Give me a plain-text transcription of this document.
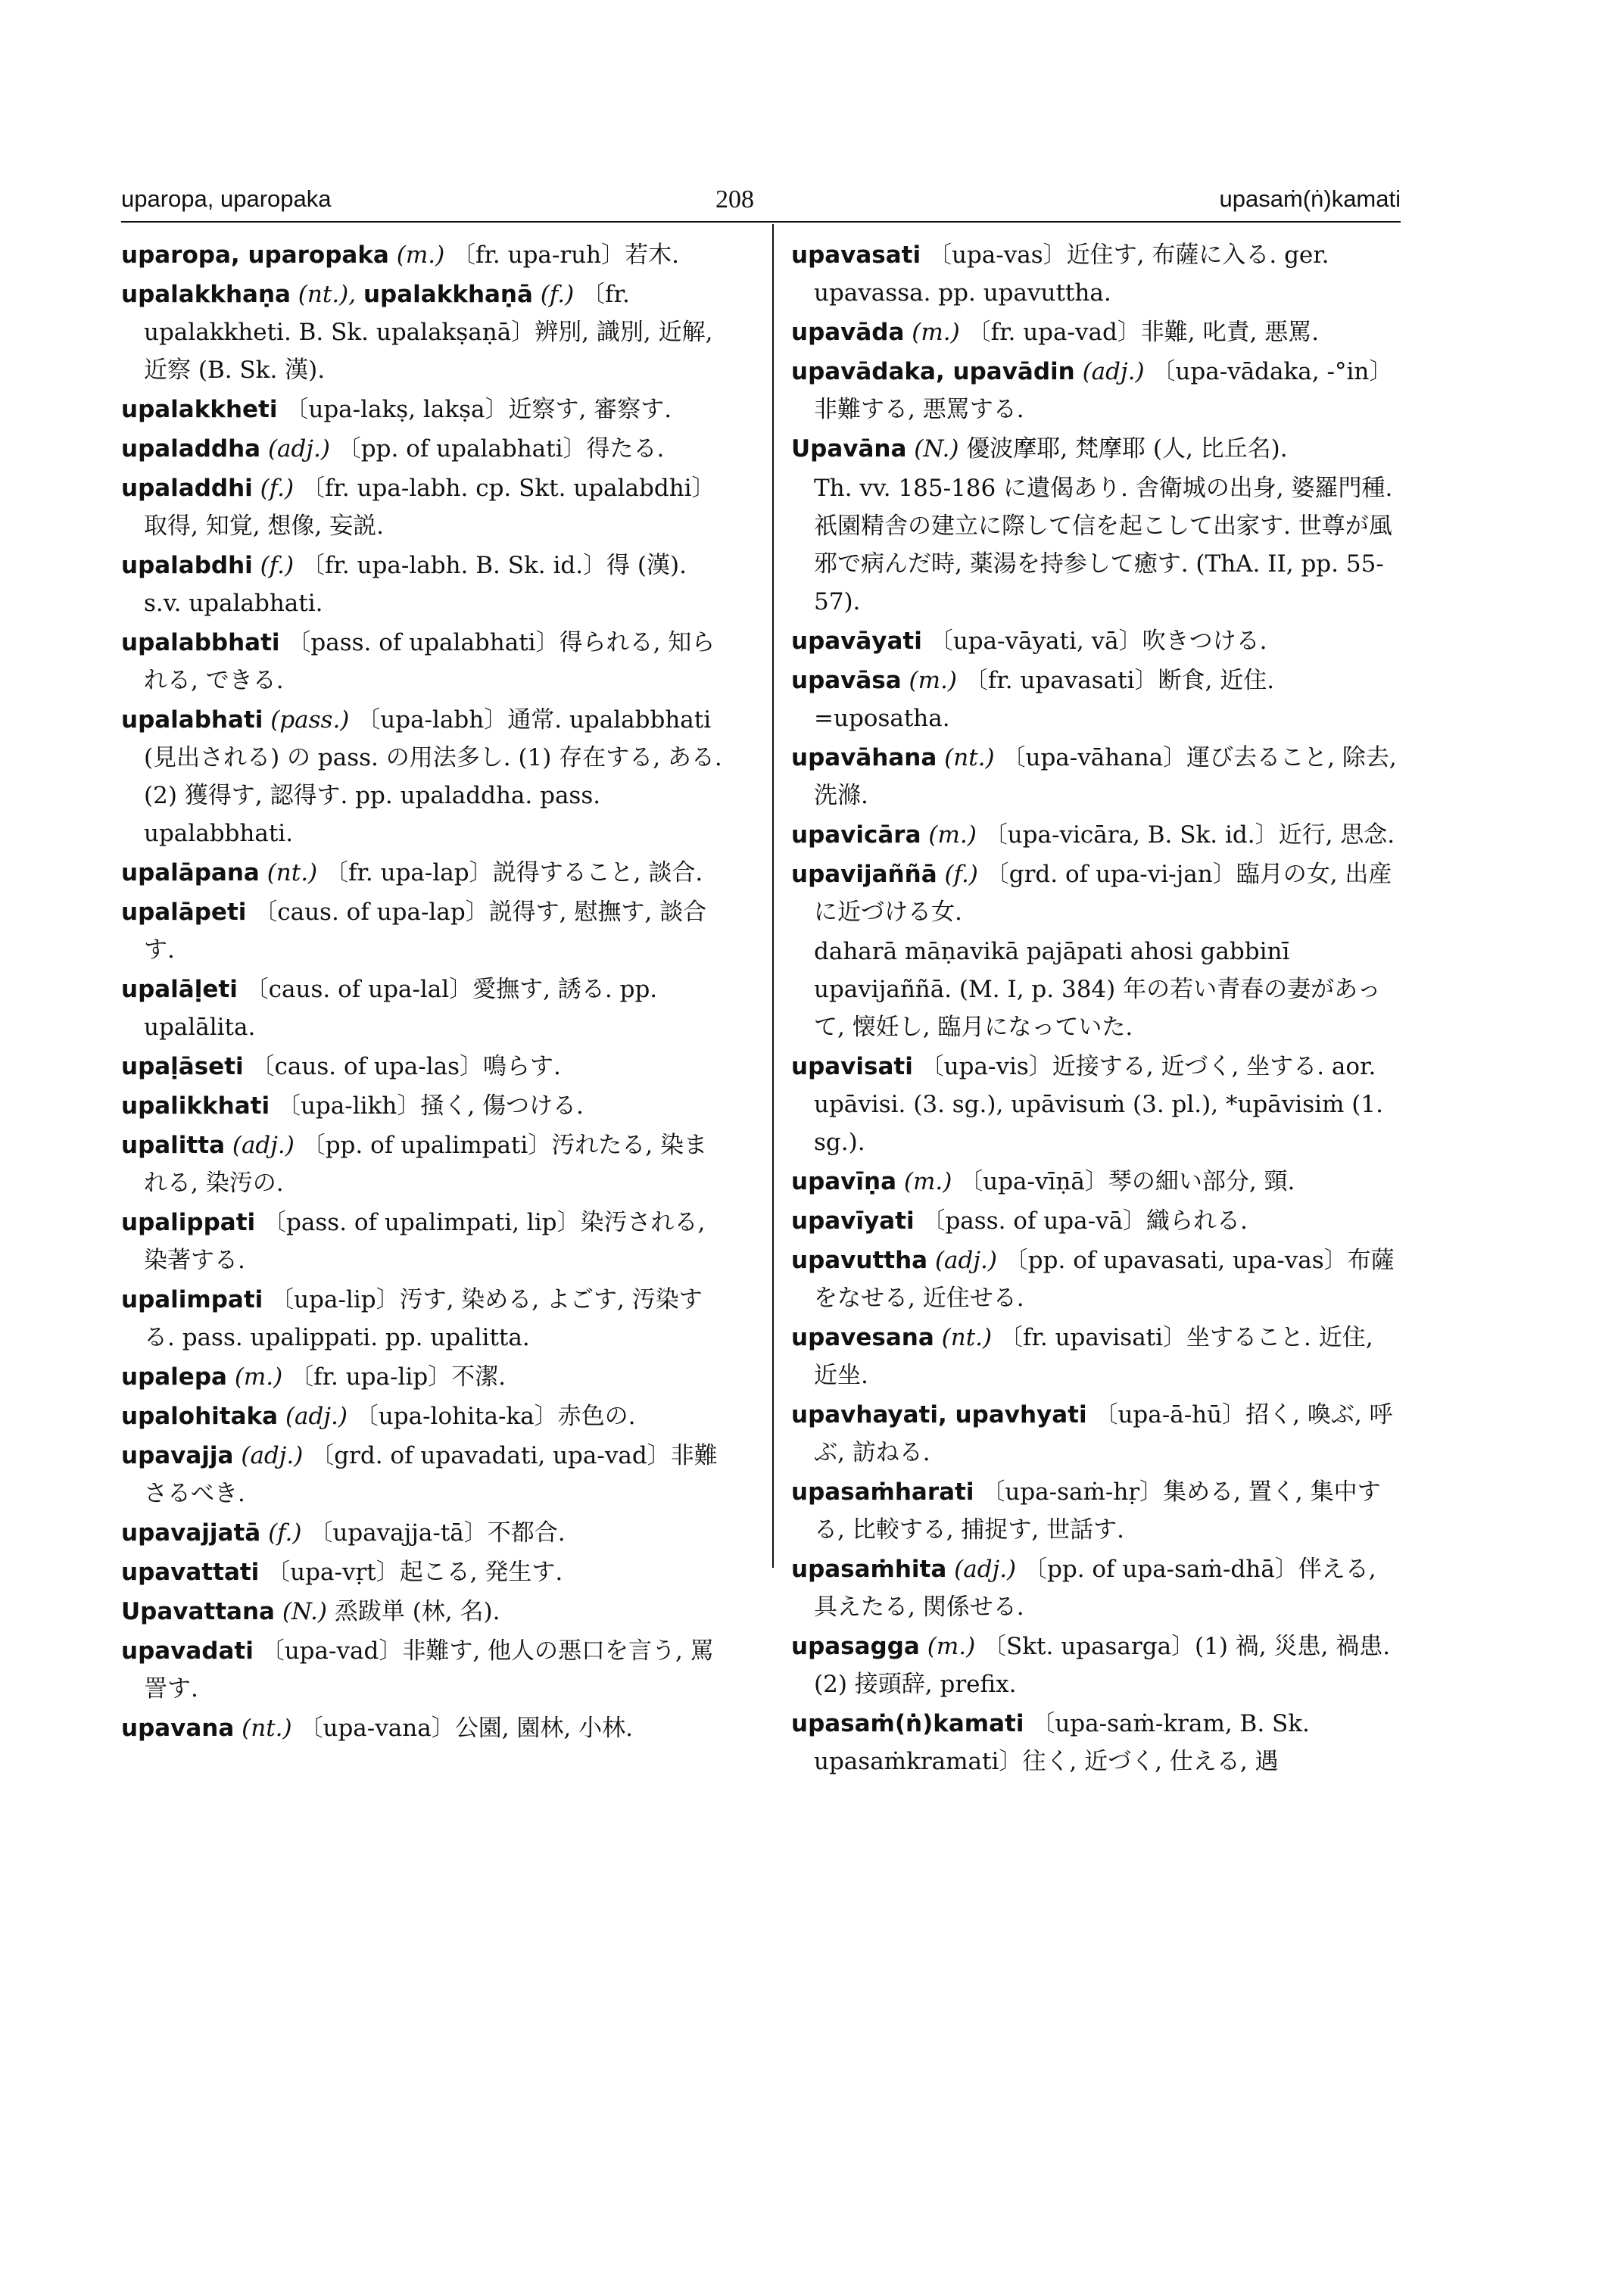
uparopa, uparopaka	208	upasaṁ(ṅ)kamati
uparopa, uparopaka (m.) 〔fr. upa-ruh〕若木.
upalakkhaṇa (nt.), upalakkhaṇā (f.) 〔fr. upalakkheti. B. Sk. upalakṣaṇā〕辨別, 識別, 近解, 近察 (B. Sk. 漢).
upalakkheti 〔upa-lakṣ, lakṣa〕近察す, 審察す.
upaladdha (adj.) 〔pp. of upalabhati〕得たる.
upaladdhi (f.) 〔fr. upa-labh. cp. Skt. upalabdhi〕取得, 知覚, 想像, 妄説.
upalabdhi (f.) 〔fr. upa-labh. B. Sk. id.〕得 (漢). s.v. upalabhati.
upalabbhati 〔pass. of upalabhati〕得られる, 知られる, できる.
upalabhati (pass.) 〔upa-labh〕通常. upalabbhati (見出される) の pass. の用法多し. (1) 存在する, ある. (2) 獲得す, 認得す. pp. upaladdha. pass. upalabbhati.
upalāpana (nt.) 〔fr. upa-lap〕説得すること, 談合.
upalāpeti 〔caus. of upa-lap〕説得す, 慰撫す, 談合す.
upalāḷeti 〔caus. of upa-lal〕愛撫す, 誘る. pp. upalālita.
upaḷāseti 〔caus. of upa-las〕鳴らす.
upalikkhati 〔upa-likh〕掻く, 傷つける.
upalitta (adj.) 〔pp. of upalimpati〕汚れたる, 染まれる, 染汚の.
upalippati 〔pass. of upalimpati, lip〕染汚される, 染著する.
upalimpati 〔upa-lip〕汚す, 染める, よごす, 汚染する. pass. upalippati. pp. upalitta.
upalepa (m.) 〔fr. upa-lip〕不潔.
upalohitaka (adj.) 〔upa-lohita-ka〕赤色の.
upavajja (adj.) 〔grd. of upavadati, upa-vad〕非難さるべき.
upavajjatā (f.) 〔upavajja-tā〕不都合.
upavattati 〔upa-vṛt〕起こる, 発生す.
Upavattana (N.) 烝跋単 (林, 名).
upavadati 〔upa-vad〕非難す, 他人の悪口を言う, 罵詈す.
upavana (nt.) 〔upa-vana〕公園, 園林, 小林.
upavasati 〔upa-vas〕近住す, 布薩に入る. ger. upavassa. pp. upavuttha.
upavāda (m.) 〔fr. upa-vad〕非難, 叱責, 悪罵.
upavādaka, upavādin (adj.) 〔upa-vādaka, -°in〕非難する, 悪罵する.
Upavāna (N.) 優波摩耶, 梵摩耶 (人, 比丘名).
Th. vv. 185-186 に遺偈あり. 舎衛城の出身, 婆羅門種. 祇園精舎の建立に際して信を起こして出家す. 世尊が風邪で病んだ時, 薬湯を持参して癒す. (ThA. II, pp. 55-57).
upavāyati 〔upa-vāyati, vā〕吹きつける.
upavāsa (m.) 〔fr. upavasati〕断食, 近住. =uposatha.
upavāhana (nt.) 〔upa-vāhana〕運び去ること, 除去, 洗滌.
upavicāra (m.) 〔upa-vicāra, B. Sk. id.〕近行, 思念.
upavijaññā (f.) 〔grd. of upa-vi-jan〕臨月の女, 出産に近づける女.
daharā māṇavikā pajāpati ahosi gabbinī upavijaññā. (M. I, p. 384) 年の若い青春の妻があって, 懐妊し, 臨月になっていた.
upavisati 〔upa-vis〕近接する, 近づく, 坐する. aor. upāvisi. (3. sg.), upāvisuṁ (3. pl.), *upāvisiṁ (1. sg.).
upavīṇa (m.) 〔upa-vīṇā〕琴の細い部分, 頸.
upavīyati 〔pass. of upa-vā〕織られる.
upavuttha (adj.) 〔pp. of upavasati, upa-vas〕布薩をなせる, 近住せる.
upavesana (nt.) 〔fr. upavisati〕坐すること. 近住, 近坐.
upavhayati, upavhyati 〔upa-ā-hū〕招く, 喚ぶ, 呼ぶ, 訪ねる.
upasaṁharati 〔upa-saṁ-hṛ〕集める, 置く, 集中する, 比較する, 捕捉す, 世話す.
upasaṁhita (adj.) 〔pp. of upa-saṁ-dhā〕伴える, 具えたる, 関係せる.
upasagga (m.) 〔Skt. upasarga〕(1) 禍, 災患, 禍患. (2) 接頭辞, prefix.
upasaṁ(ṅ)kamati 〔upa-saṁ-kram, B. Sk. upasaṁkramati〕往く, 近づく, 仕える, 遇
